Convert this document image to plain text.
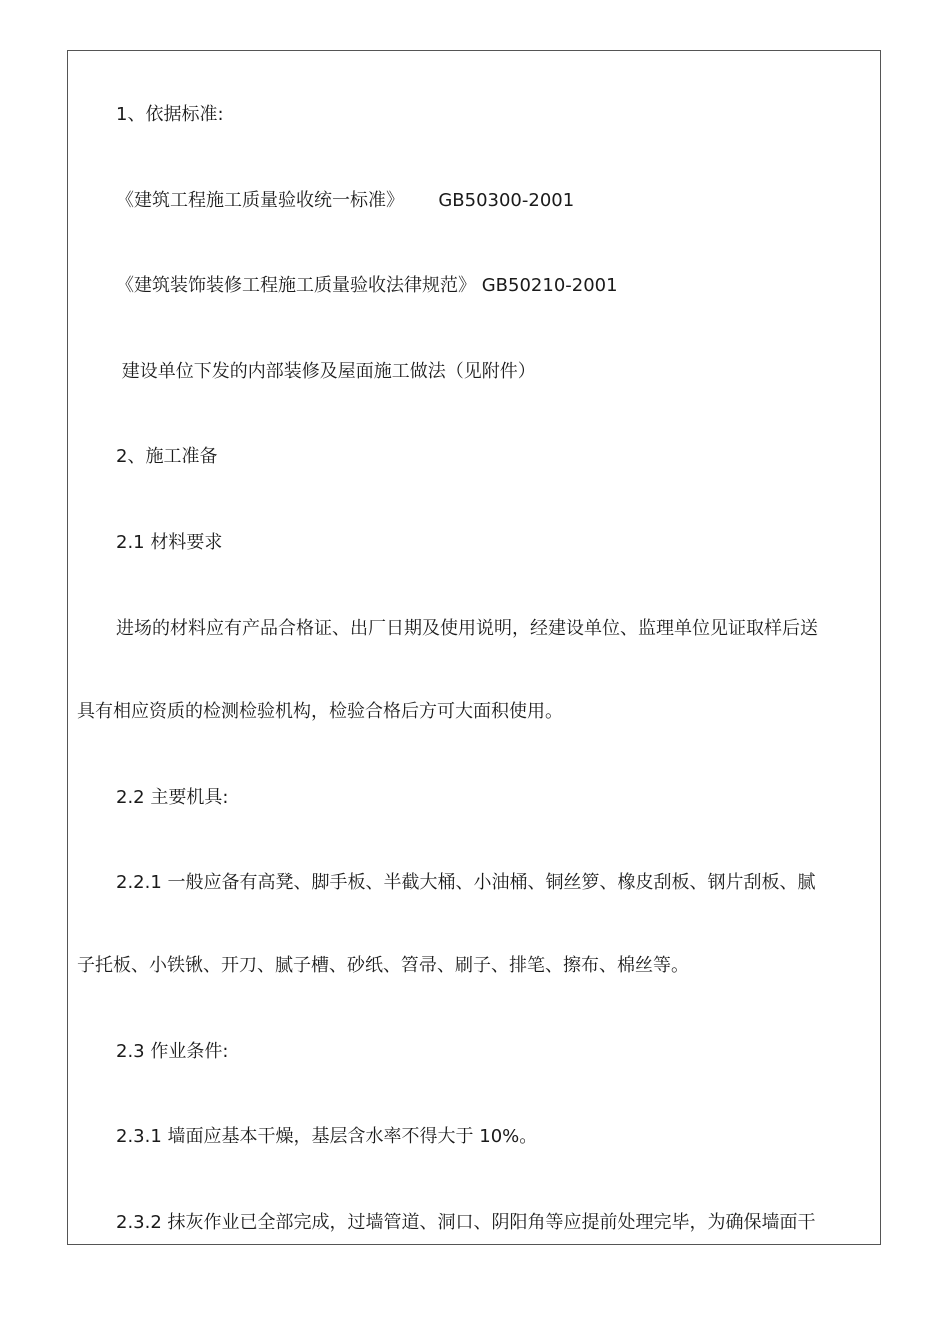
1、依据标准:
《建筑工程施工质量验收统一标准》      GB50300-2001
《建筑装饰装修工程施工质量验收法律规范》 GB50210-2001
建设单位下发的内部装修及屋面施工做法（见附件）
2、施工准备
2.1 材料要求
进场的材料应有产品合格证、出厂日期及使用说明，经建设单位、监理单位见证取样后送
具有相应资质的检测检验机构，检验合格后方可大面积使用。
2.2 主要机具:
2.2.1 一般应备有高凳、脚手板、半截大桶、小油桶、铜丝箩、橡皮刮板、钢片刮板、腻
子托板、小铁锹、开刀、腻子槽、砂纸、笤帚、刷子、排笔、擦布、棉丝等。
2.3 作业条件:
2.3.1 墙面应基本干燥，基层含水率不得大于 10%。
2.3.2 抹灰作业已全部完成，过墙管道、洞口、阴阳角等应提前处理完毕，为确保墙面干
